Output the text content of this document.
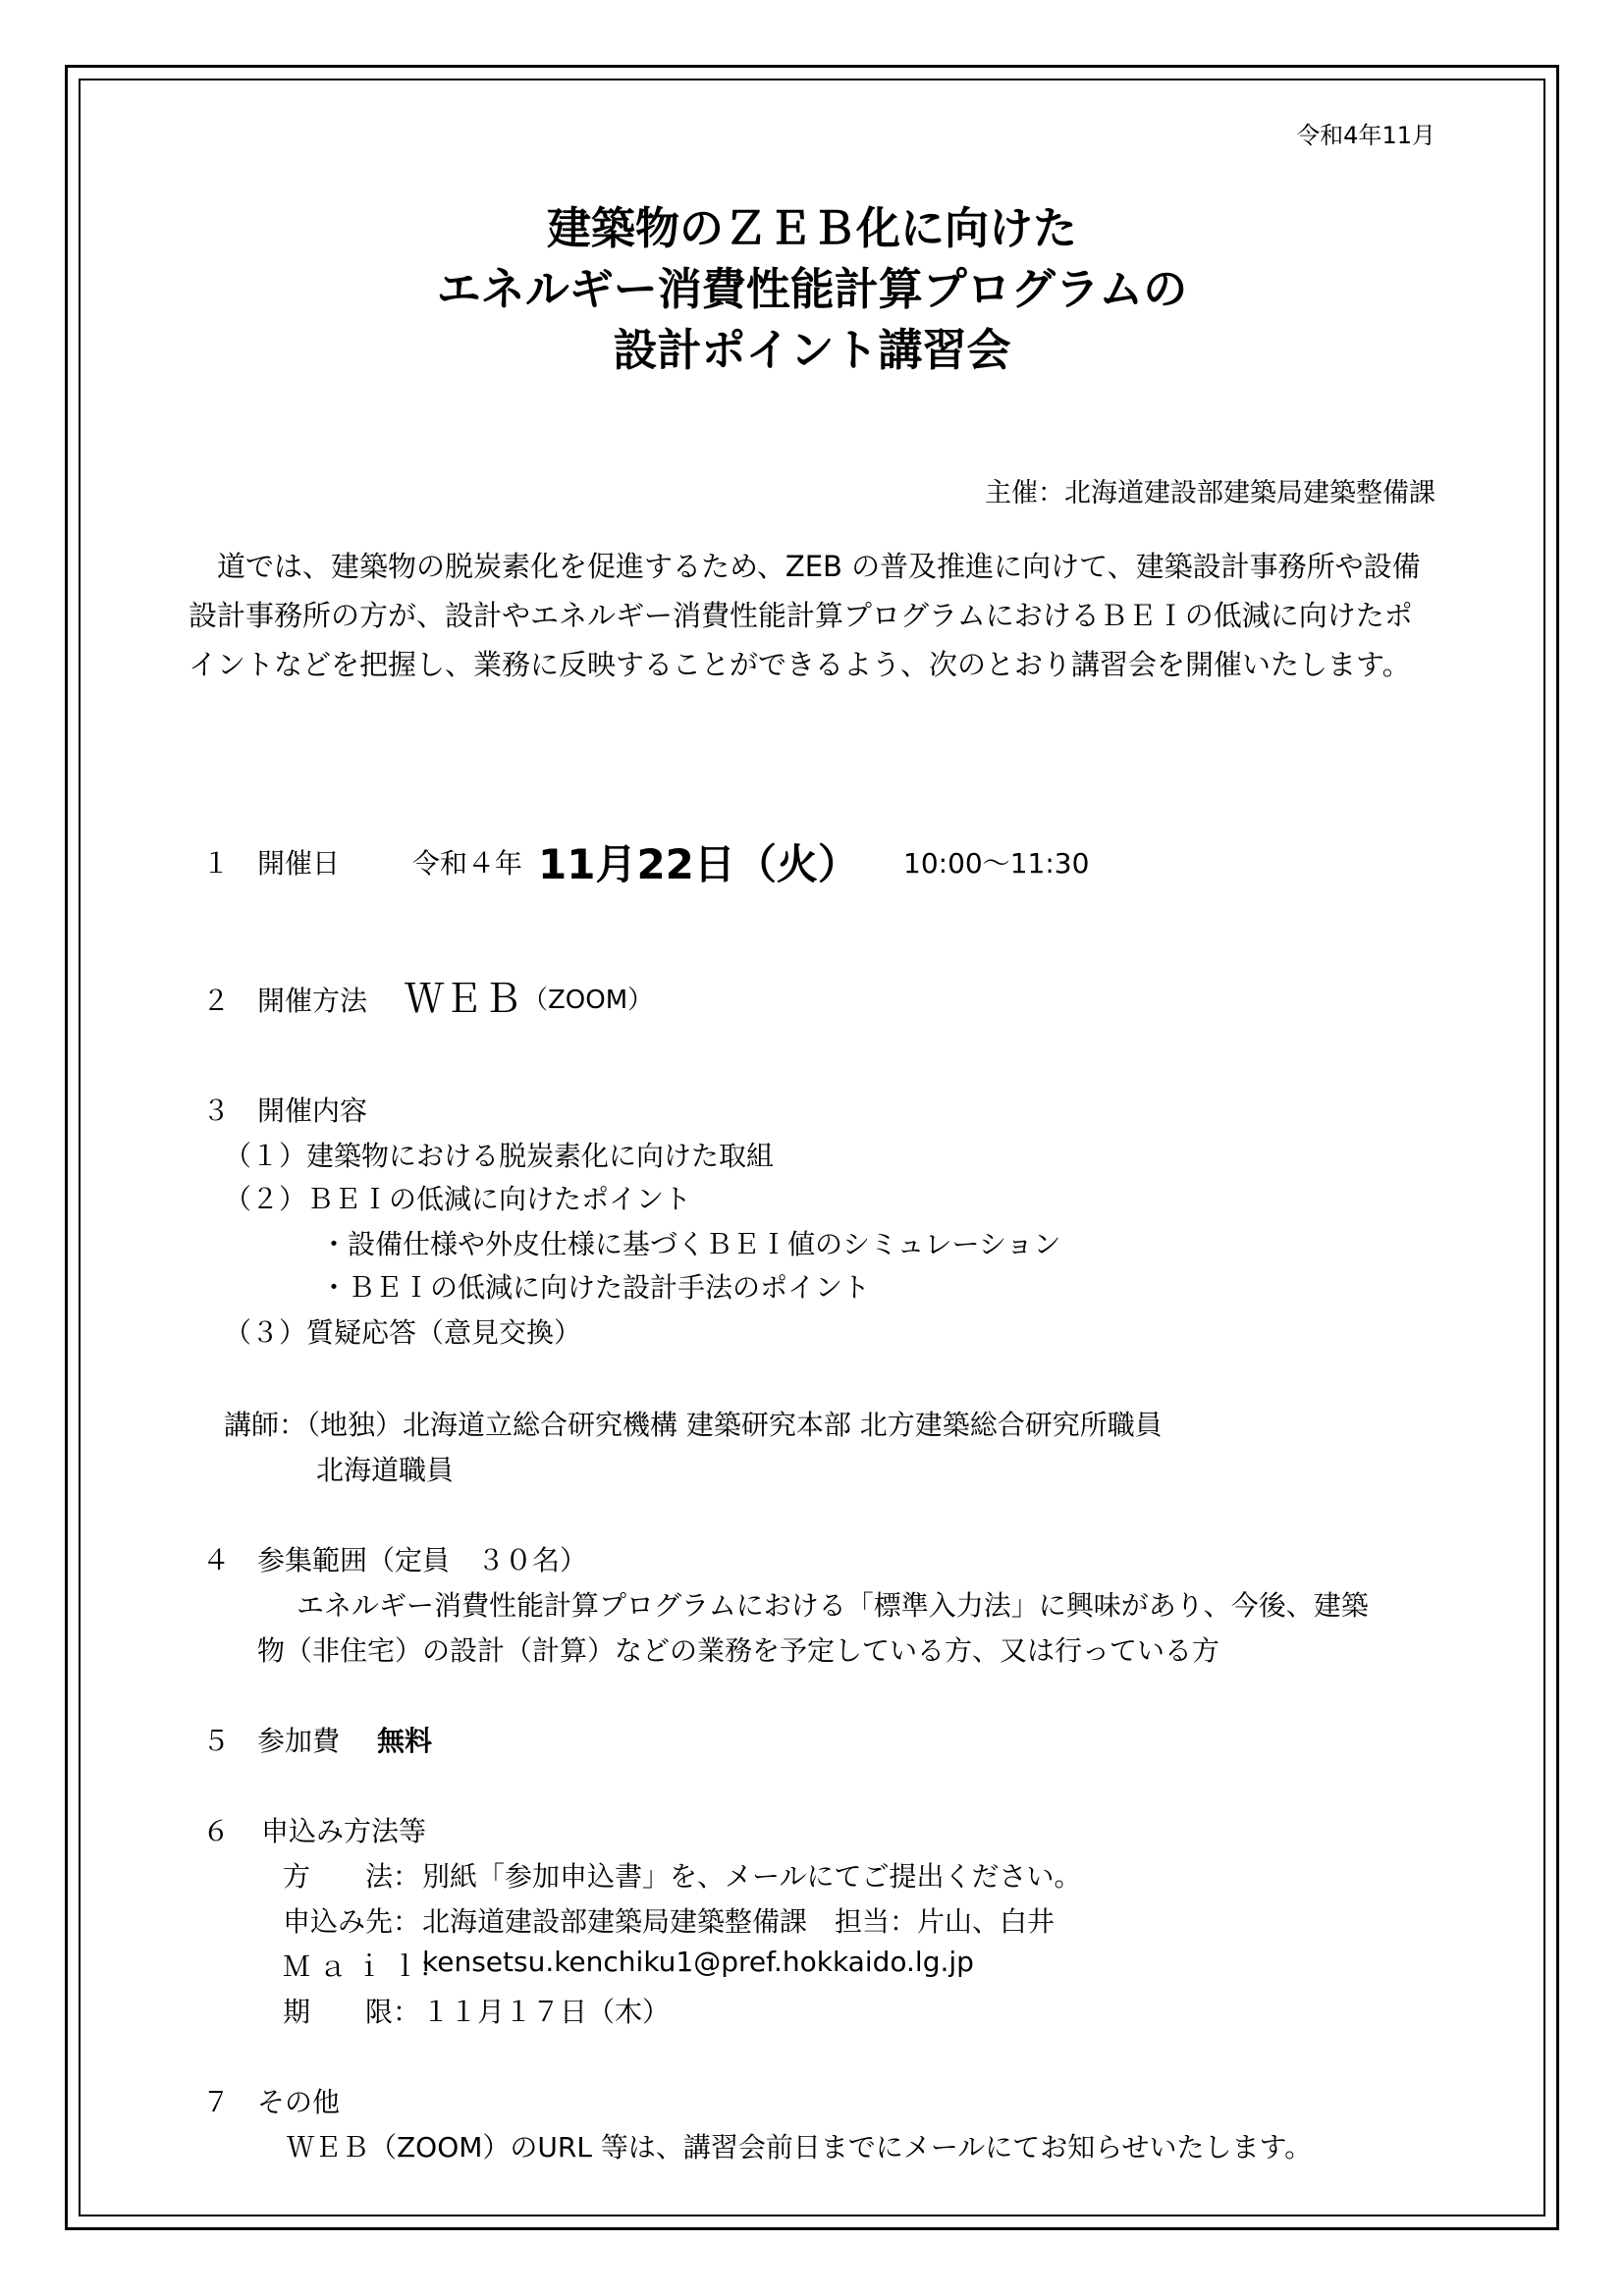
令和4年11月
建築物のＺＥＢ化に向けた
エネルギー消費性能計算プログラムの
設計ポイント講習会
主催：北海道建設部建築局建築整備課
道では、建築物の脱炭素化を促進するため、ZEB の普及推進に向けて、建築設計事務所や設備設計事務所の方が、設計やエネルギー消費性能計算プログラムにおけるＢＥＩの低減に向けたポイントなどを把握し、業務に反映することができるよう、次のとおり講習会を開催いたします。
１ 開催日	令和４年 11月22日（火） 10:00～11:30
２ 開催方法 ＷＥＢ （ZOOM）
３ 開催内容
（１）建築物における脱炭素化に向けた取組
（２）ＢＥＩの低減に向けたポイント
・設備仕様や外皮仕様に基づくＢＥＩ値のシミュレーション
・ＢＥＩの低減に向けた設計手法のポイント
（３）質疑応答（意見交換）
講師：（地独）北海道立総合研究機構 建築研究本部 北方建築総合研究所職員
北海道職員
４ 参集範囲（定員　３０名）
エネルギー消費性能計算プログラムにおける「標準入力法」に興味があり、今後、建築
物（非住宅）の設計（計算）などの業務を予定している方、又は行っている方
５ 参加費 無料
６ 申込み方法等
方　　法： 別紙「参加申込書」を、メールにてご提出ください。
申込み先： 北海道建設部建築局建築整備課　担当：片山、白井
Ｍ ａ ｉ ｌ：
kensetsu.kenchiku1@pref.hokkaido.lg.jp
期　　限： １１月１７日（木）
７ その他
ＷＥＢ（ZOOM）のURL 等は、講習会前日までにメールにてお知らせいたします。
